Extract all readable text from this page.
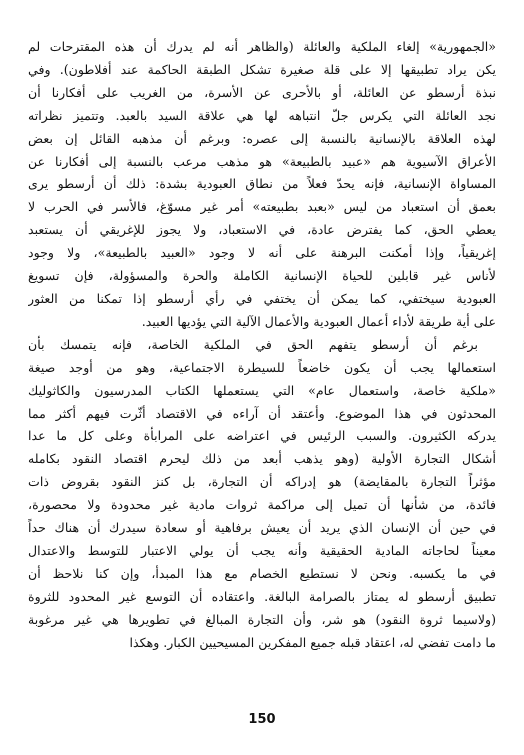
«الجمهورية» إلغاء الملكية والعائلة (والظاهر أنه لم يدرك أن هذه المقترحات لم
يكن يراد تطبيقها إلا على قلة صغيرة تشكل الطبقة الحاكمة عند أفلاطون). وفي
نبذة أرسطو عن العائلة، أو بالأحرى عن الأسرة، من الغريب على أفكارنا أن
نجد العائلة التي يكرس جلّ انتباهه لها هي علاقة السيد بالعبد. وتتميز نظراته
لهذه العلاقة بالإنسانية بالنسبة إلى عصره: وبرغم أن مذهبه القائل إن بعض
الأعراق الآسيوية هم «عبيد بالطبيعة» هو مذهب مرعب بالنسبة إلى أفكارنا عن
المساواة الإنسانية، فإنه يحدّ فعلاً من نطاق العبودية بشدة: ذلك أن أرسطو يرى
بعمق أن استعباد من ليس «بعبد بطبيعته» أمر غير مسوّغ، فالأسر في الحرب لا
يعطي الحق، كما يفترض عادة، في الاستعباد، ولا يجوز للإغريقي أن يستعبد
إغريقياً، وإذا أمكنت البرهنة على أنه لا وجود «العبيد بالطبيعة»، ولا وجود
لأناس غير قابلين للحياة الإنسانية الكاملة والحرة والمسؤولة، فإن تسويغ
العبودية سيختفي، كما يمكن أن يختفي في رأي أرسطو إذا تمكنا من العثور
على أية طريقة لأداء أعمال العبودية والأعمال الآلية التي يؤديها العبيد.
برغم أن أرسطو يتفهم الحق في الملكية الخاصة، فإنه يتمسك بأن
استعمالها يجب أن يكون خاضعاً للسيطرة الاجتماعية، وهو من أوجد صيغة
«ملكية خاصة، واستعمال عام» التي يستعملها الكتاب المدرسيون والكاثوليك
المحدثون في هذا الموضوع. وأعتقد أن آراءه في الاقتصاد أثّرت فيهم أكثر مما
يدركه الكثيرون. والسبب الرئيس في اعتراضه على المرابأة وعلى كل ما عدا
أشكال التجارة الأولية (وهو يذهب أبعد من ذلك ليحرم اقتصاد النقود بكامله
مؤثراً التجارة بالمقايضة) هو إدراكه أن التجارة، بل كنز النقود بقروض ذات
فائدة، من شأنها أن تميل إلى مراكمة ثروات مادية غير محدودة ولا محصورة،
في حين أن الإنسان الذي يريد أن يعيش برفاهية أو سعادة سيدرك أن هناك حداً
معيناً لحاجاته المادية الحقيقية وأنه يجب أن يولي الاعتبار للتوسط والاعتدال
في ما يكسبه. ونحن لا نستطيع الخصام مع هذا المبدأ، وإن كنا نلاحظ أن
تطبيق أرسطو له يمتاز بالصرامة البالغة. واعتقاده أن التوسع غير المحدود للثروة
(ولاسيما ثروة النقود) هو شر، وأن التجارة المبالغ في تطويرها هي غير مرغوبة
ما دامت تفضي له، اعتقاد قبله جميع المفكرين المسيحيين الكبار. وهكذا
150
